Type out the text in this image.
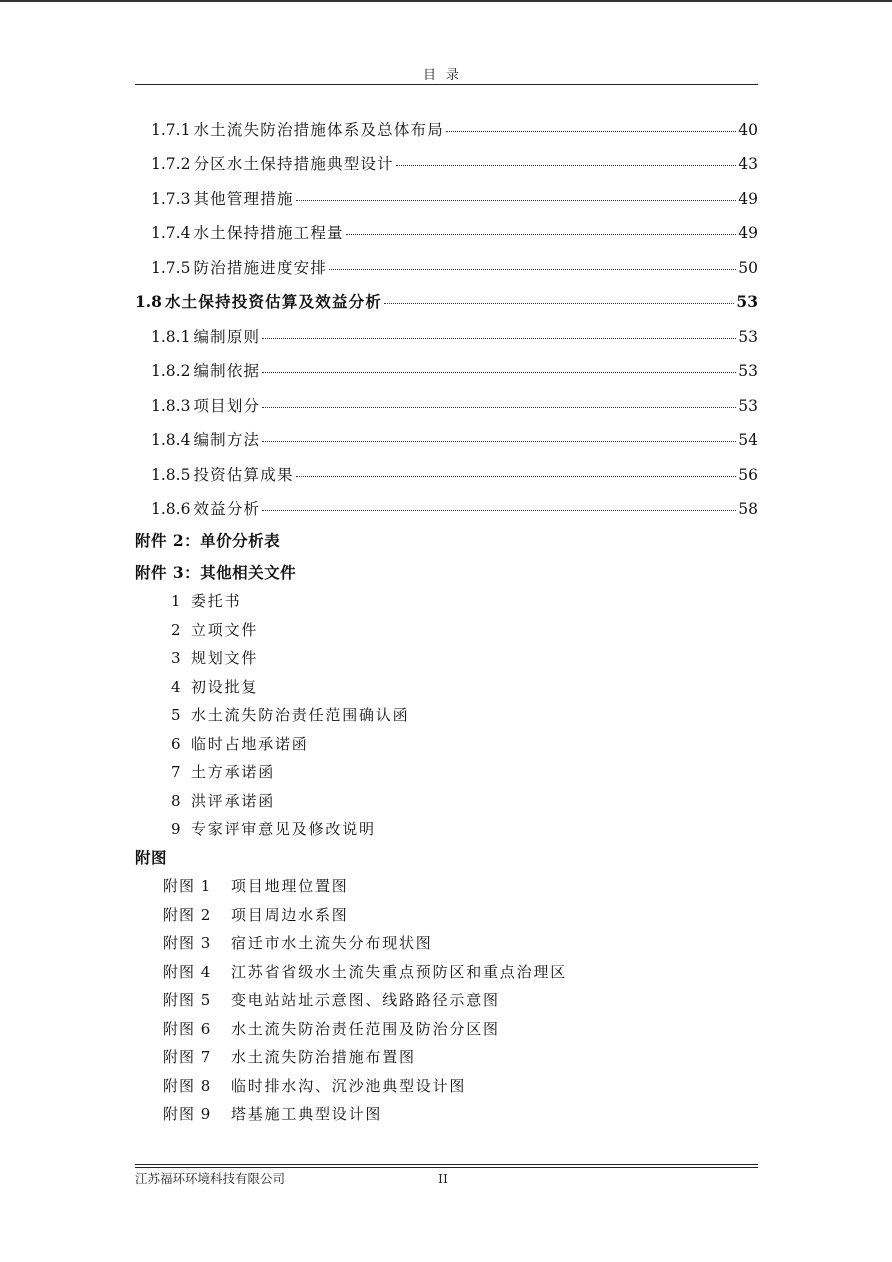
目录
1.7.1 水土流失防治措施体系及总体布局	40
1.7.2 分区水土保持措施典型设计	43
1.7.3 其他管理措施	49
1.7.4 水土保持措施工程量	49
1.7.5 防治措施进度安排	50
1.8 水土保持投资估算及效益分析	53
1.8.1 编制原则	53
1.8.2 编制依据	53
1.8.3 项目划分	53
1.8.4 编制方法	54
1.8.5 投资估算成果	56
1.8.6 效益分析	58
附件 2：单价分析表
附件 3：其他相关文件
1 委托书
2 立项文件
3 规划文件
4 初设批复
5 水土流失防治责任范围确认函
6 临时占地承诺函
7 土方承诺函
8 洪评承诺函
9 专家评审意见及修改说明
附图
附图 1 项目地理位置图
附图 2 项目周边水系图
附图 3 宿迁市水土流失分布现状图
附图 4 江苏省省级水土流失重点预防区和重点治理区
附图 5 变电站站址示意图、线路路径示意图
附图 6 水土流失防治责任范围及防治分区图
附图 7 水土流失防治措施布置图
附图 8 临时排水沟、沉沙池典型设计图
附图 9 塔基施工典型设计图
江苏福环环境科技有限公司	II
